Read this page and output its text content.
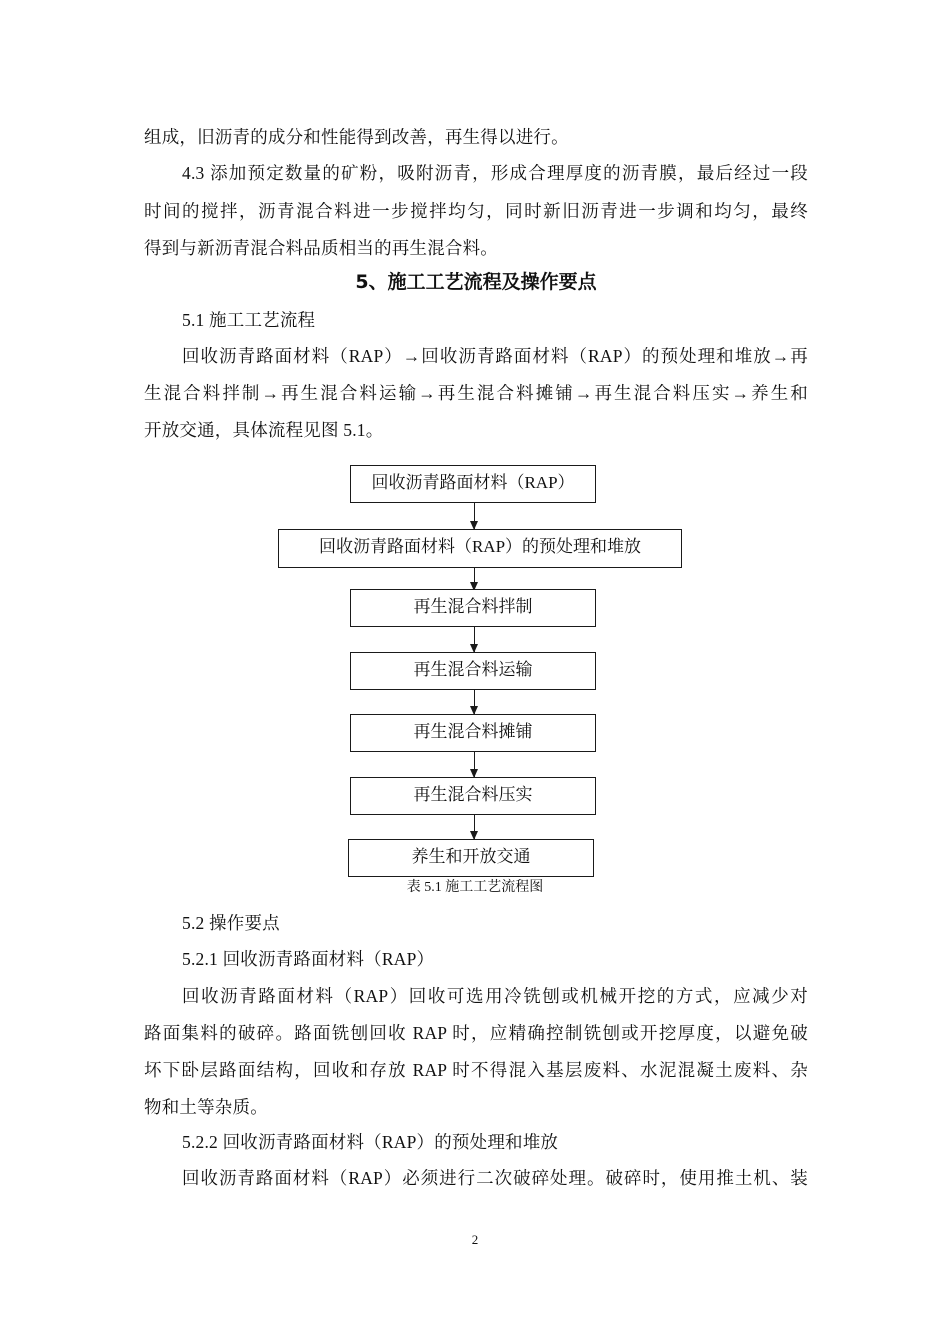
组成，旧沥青的成分和性能得到改善，再生得以进行。
4.3 添加预定数量的矿粉，吸附沥青，形成合理厚度的沥青膜，最后经过一段
时间的搅拌，沥青混合料进一步搅拌均匀，同时新旧沥青进一步调和均匀，最终
得到与新沥青混合料品质相当的再生混合料。
5、施工工艺流程及操作要点
5.1 施工工艺流程
回收沥青路面材料（RAP）→回收沥青路面材料（RAP）的预处理和堆放→再
生混合料拌制→再生混合料运输→再生混合料摊铺→再生混合料压实→养生和
开放交通，具体流程见图 5.1。
回收沥青路面材料（RAP）
回收沥青路面材料（RAP）的预处理和堆放
再生混合料拌制
再生混合料运输
再生混合料摊铺
再生混合料压实
养生和开放交通
表 5.1 施工工艺流程图
5.2 操作要点
5.2.1 回收沥青路面材料（RAP）
回收沥青路面材料（RAP）回收可选用冷铣刨或机械开挖的方式，应减少对
路面集料的破碎。路面铣刨回收 RAP 时，应精确控制铣刨或开挖厚度，以避免破
坏下卧层路面结构，回收和存放 RAP 时不得混入基层废料、水泥混凝土废料、杂
物和土等杂质。
5.2.2 回收沥青路面材料（RAP）的预处理和堆放
回收沥青路面材料（RAP）必须进行二次破碎处理。破碎时，使用推土机、装
2
